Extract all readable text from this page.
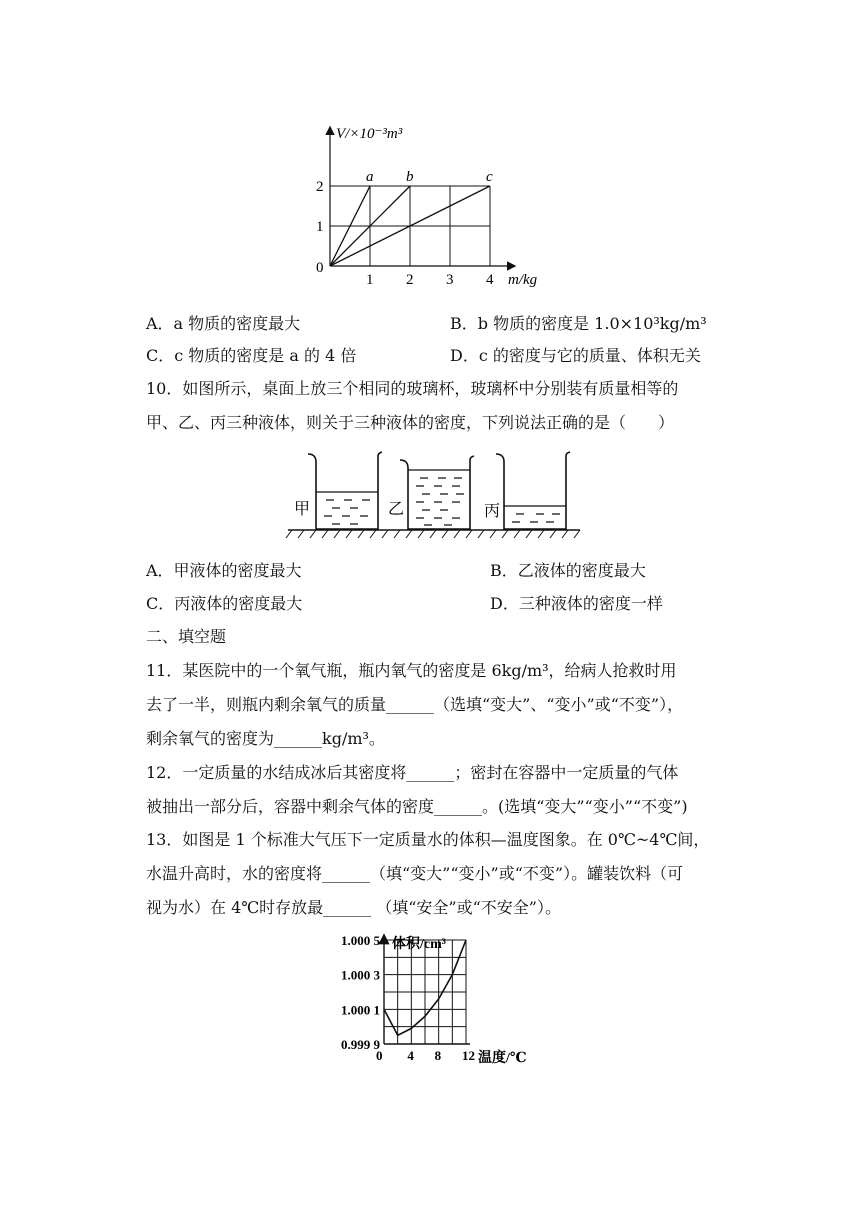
a b	c
V/×10⁻³m³
m/kg
0
1 2 3 4
1
2
A．a 物质的密度最大	B．b 物质的密度是 1.0×10³kg/m³
C．c 物质的密度是 a 的 4 倍	D．c 的密度与它的质量、体积无关
10．如图所示，桌面上放三个相同的玻璃杯，玻璃杯中分别装有质量相等的
甲、乙、丙三种液体，则关于三种液体的密度，下列说法正确的是（　　）
甲	乙	丙
A．甲液体的密度最大	B．乙液体的密度最大
C．丙液体的密度最大	D．三种液体的密度一样
二、填空题
11．某医院中的一个氧气瓶，瓶内氧气的密度是 6kg/m³，给病人抢救时用
去了一半，则瓶内剩余氧气的质量______（选填“变大”、“变小”或“不变”），
剩余氧气的密度为______kg/m³。
12．一定质量的水结成冰后其密度将______；密封在容器中一定质量的气体
被抽出一部分后，容器中剩余气体的密度______。(选填“变大”“变小”“不变”)
13．如图是 1 个标准大气压下一定质量水的体积—温度图象。在 0℃~4℃间，
水温升高时，水的密度将______（填“变大”“变小”或“不变”）。罐装饮料（可
视为水）在 4℃时存放最______ （填“安全”或“不安全”）。
体积/cm³
温度/℃
1.000 5
1.000 3
1.000 1
0.999 9
0 4 8 12
